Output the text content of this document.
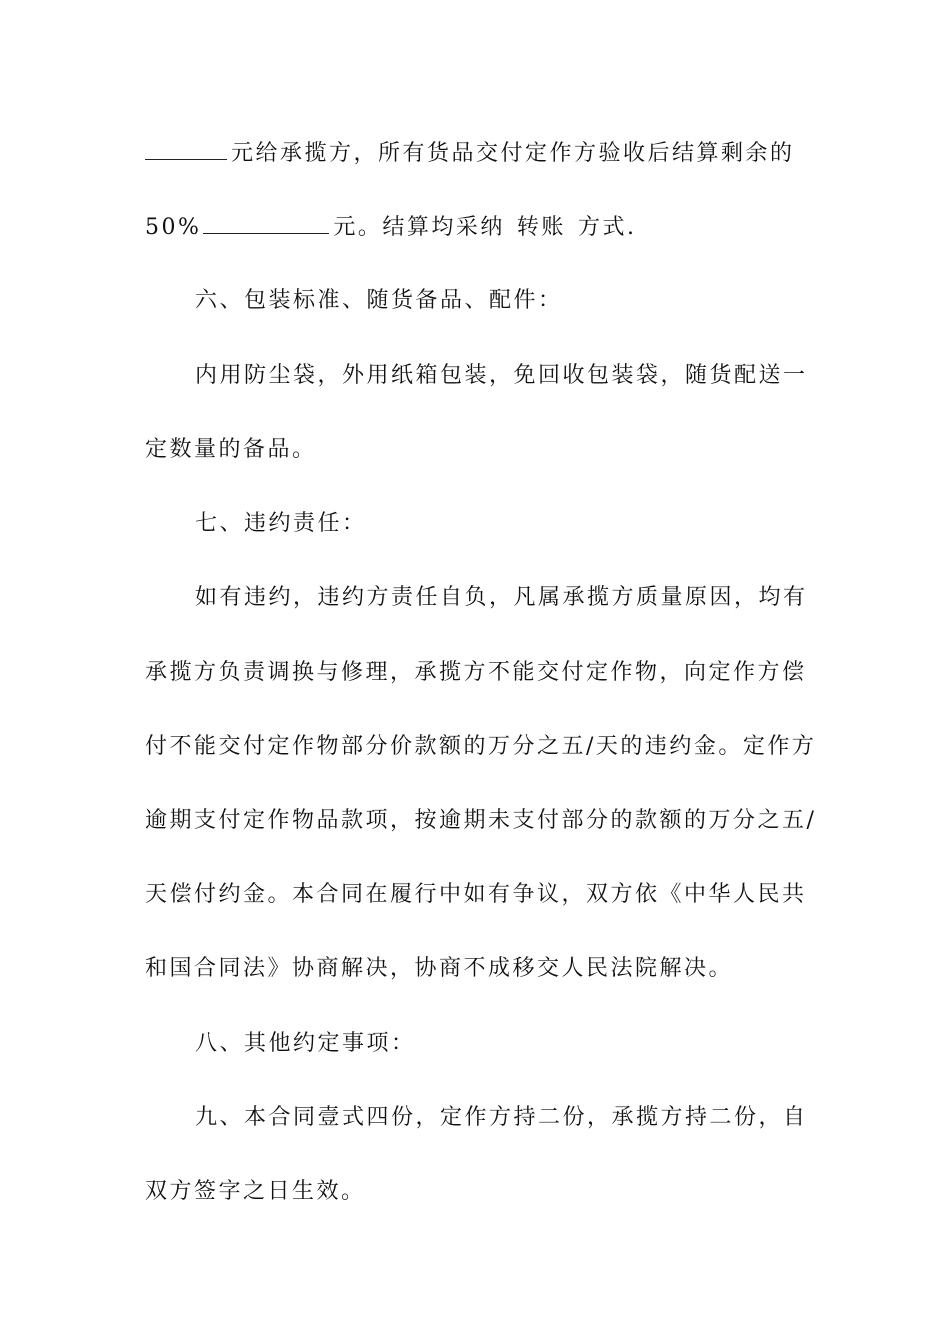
元给承揽方，所有货品交付定作方验收后结算剩余的
50%	元。结算均采纳 转账 方式.
六、包装标准、随货备品、配件：
内用防尘袋，外用纸箱包装，免回收包装袋，随货配送一
定数量的备品。
七、违约责任：
如有违约，违约方责任自负，凡属承揽方质量原因，均有
承揽方负责调换与修理，承揽方不能交付定作物，向定作方偿
付不能交付定作物部分价款额的万分之五/天的违约金。定作方
逾期支付定作物品款项，按逾期未支付部分的款额的万分之五/
天偿付约金。本合同在履行中如有争议，双方依《中华人民共
和国合同法》协商解决，协商不成移交人民法院解决。
八、其他约定事项：
九、本合同壹式四份，定作方持二份，承揽方持二份，自
双方签字之日生效。
